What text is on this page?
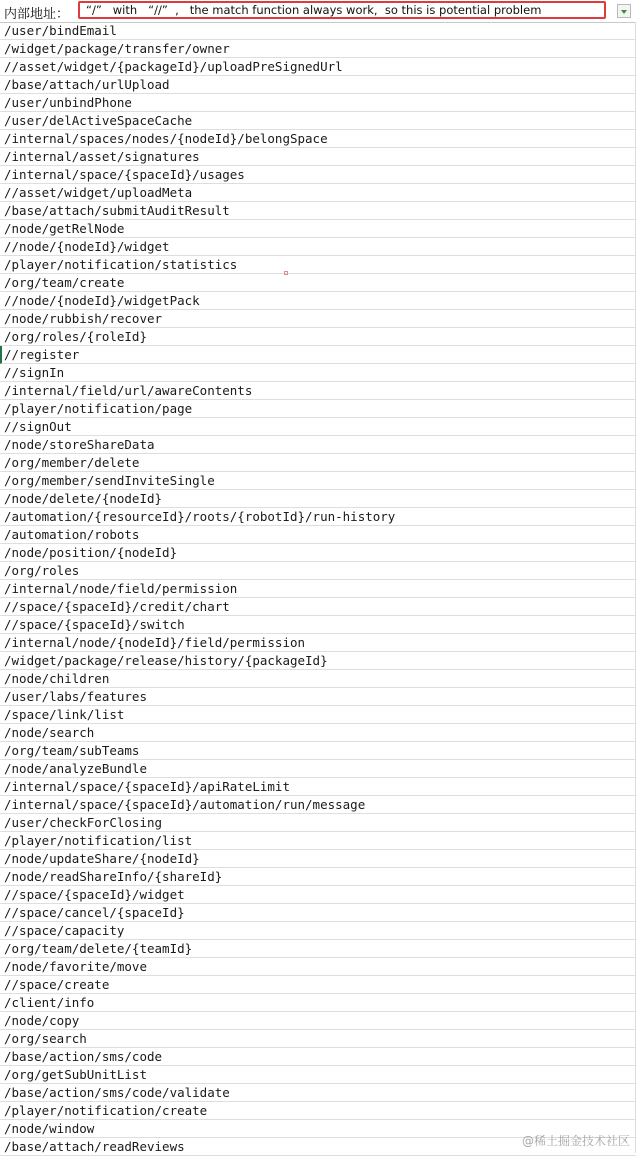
内部地址： “/”   with   “//”  ,   the match function always work,  so this is potential problem
/user/bindEmail
/widget/package/transfer/owner
//asset/widget/{packageId}/uploadPreSignedUrl
/base/attach/urlUpload
/user/unbindPhone
/user/delActiveSpaceCache
/internal/spaces/nodes/{nodeId}/belongSpace
/internal/asset/signatures
/internal/space/{spaceId}/usages
//asset/widget/uploadMeta
/base/attach/submitAuditResult
/node/getRelNode
//node/{nodeId}/widget
/player/notification/statistics
/org/team/create
//node/{nodeId}/widgetPack
/node/rubbish/recover
/org/roles/{roleId}
//register
//signIn
/internal/field/url/awareContents
/player/notification/page
//signOut
/node/storeShareData
/org/member/delete
/org/member/sendInviteSingle
/node/delete/{nodeId}
/automation/{resourceId}/roots/{robotId}/run-history
/automation/robots
/node/position/{nodeId}
/org/roles
/internal/node/field/permission
//space/{spaceId}/credit/chart
//space/{spaceId}/switch
/internal/node/{nodeId}/field/permission
/widget/package/release/history/{packageId}
/node/children
/user/labs/features
/space/link/list
/node/search
/org/team/subTeams
/node/analyzeBundle
/internal/space/{spaceId}/apiRateLimit
/internal/space/{spaceId}/automation/run/message
/user/checkForClosing
/player/notification/list
/node/updateShare/{nodeId}
/node/readShareInfo/{shareId}
//space/{spaceId}/widget
//space/cancel/{spaceId}
//space/capacity
/org/team/delete/{teamId}
/node/favorite/move
//space/create
/client/info
/node/copy
/org/search
/base/action/sms/code
/org/getSubUnitList
/base/action/sms/code/validate
/player/notification/create
/node/window
/base/attach/readReviews	@稀土掘金技术社区
